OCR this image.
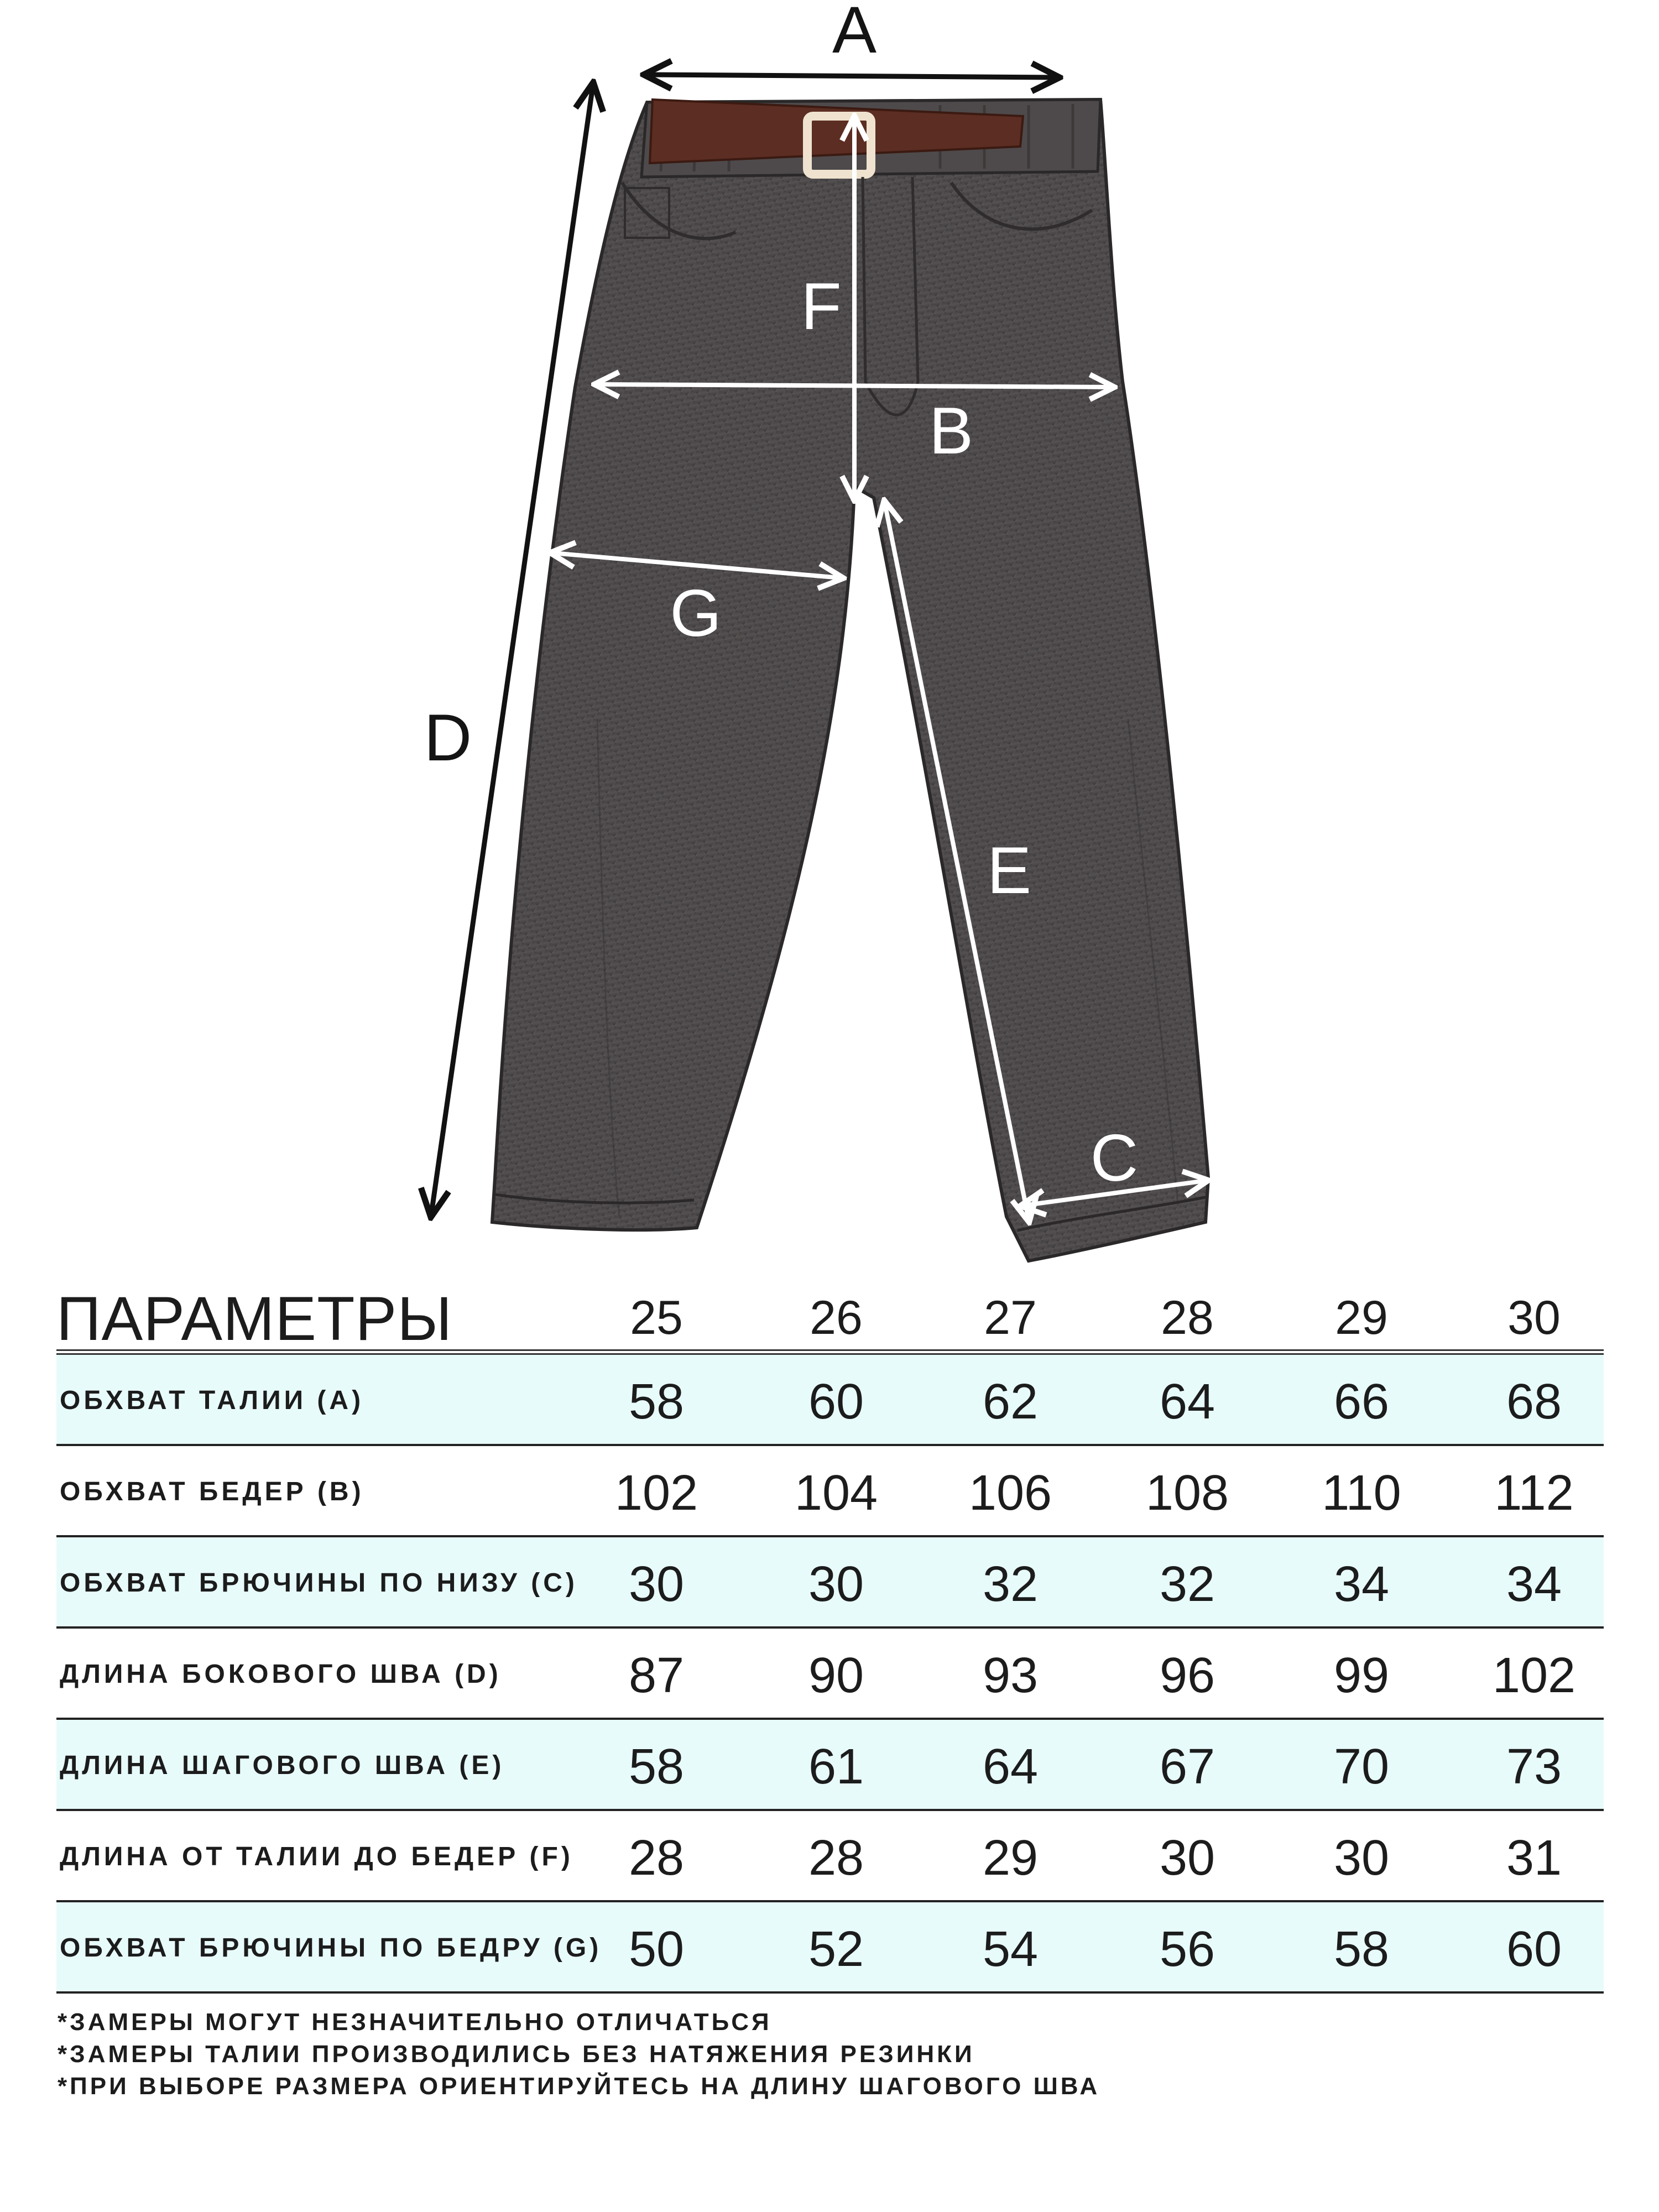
A
B
C
D
E
F
G
ПАРАМЕТРЫ	25	26	27	28	29	30
ОБХВАТ ТАЛИИ (А)	58	60	62	64	66	68
ОБХВАТ БЕДЕР (B)	102	104	106	108	110	112
ОБХВАТ БРЮЧИНЫ ПО НИЗУ (C)	30	30	32	32	34	34
ДЛИНА БОКОВОГО ШВА (D)	87	90	93	96	99	102
ДЛИНА ШАГОВОГО ШВА (E)	58	61	64	67	70	73
ДЛИНА ОТ ТАЛИИ ДО БЕДЕР (F)	28	28	29	30	30	31
ОБХВАТ БРЮЧИНЫ ПО БЕДРУ (G) 50	52	54	56	58	60
*ЗАМЕРЫ МОГУТ НЕЗНАЧИТЕЛЬНО ОТЛИЧАТЬСЯ
*ЗАМЕРЫ ТАЛИИ ПРОИЗВОДИЛИСЬ БЕЗ НАТЯЖЕНИЯ РЕЗИНКИ
*ПРИ ВЫБОРЕ РАЗМЕРА ОРИЕНТИРУЙТЕСЬ НА ДЛИНУ ШАГОВОГО ШВА
